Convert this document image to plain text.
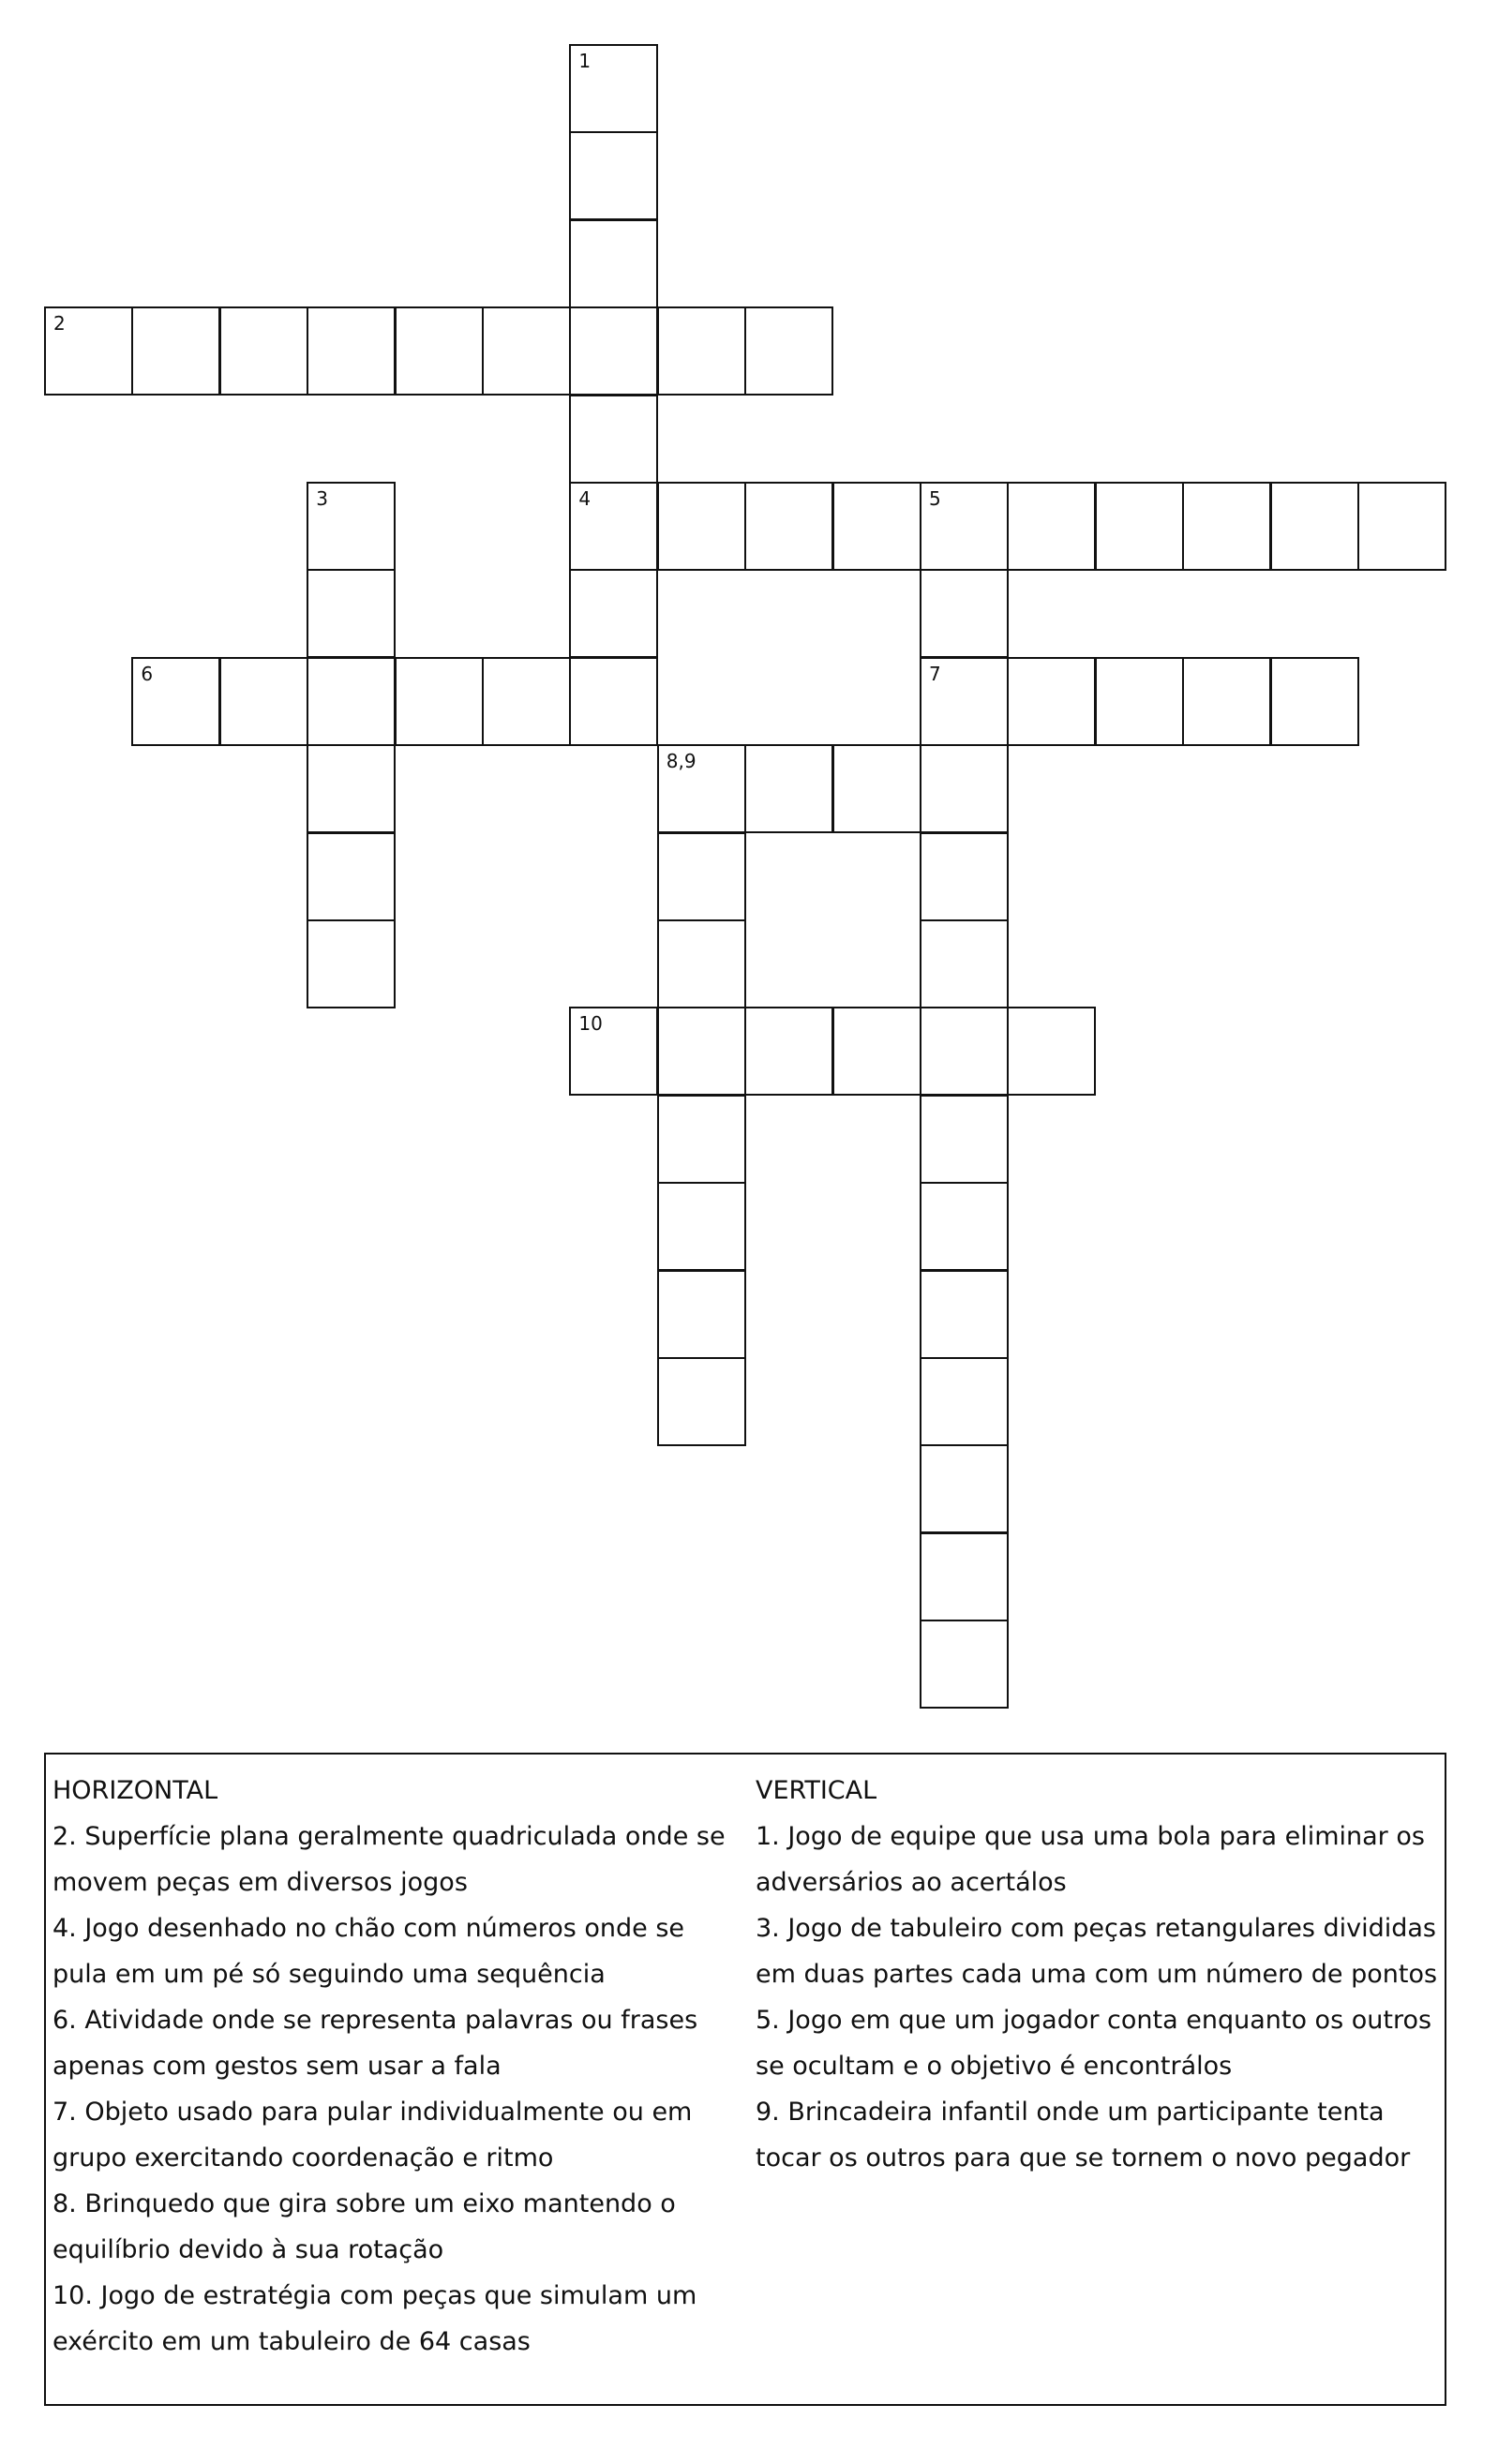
1
2
3	4	5
6	7
8,9
10
HORIZONTAL
2. Superfície plana geralmente quadriculada onde se movem peças em diversos jogos
4. Jogo desenhado no chão com números onde se pula em um pé só seguindo uma sequência
6. Atividade onde se representa palavras ou frases apenas com gestos sem usar a fala
7. Objeto usado para pular individualmente ou em grupo exercitando coordenação e ritmo
8. Brinquedo que gira sobre um eixo mantendo o equilíbrio devido à sua rotação
10. Jogo de estratégia com peças que simulam um exército em um tabuleiro de 64 casas
VERTICAL
1. Jogo de equipe que usa uma bola para eliminar os adversários ao acertálos
3. Jogo de tabuleiro com peças retangulares divididas em duas partes cada uma com um número de pontos
5. Jogo em que um jogador conta enquanto os outros se ocultam e o objetivo é encontrálos
9. Brincadeira infantil onde um participante tenta tocar os outros para que se tornem o novo pegador
